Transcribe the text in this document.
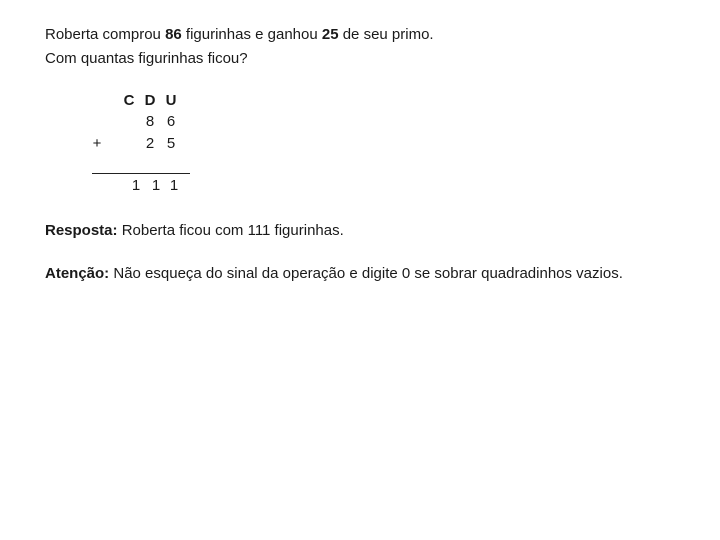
Roberta comprou 86 figurinhas e ganhou 25 de seu primo.
Com quantas figurinhas ficou?
C D U
8 6
+	2 5
1 1 1
Resposta: Roberta ficou com 111 figurinhas.
Atenção: Não esqueça do sinal da operação e digite 0 se sobrar quadradinhos vazios.
